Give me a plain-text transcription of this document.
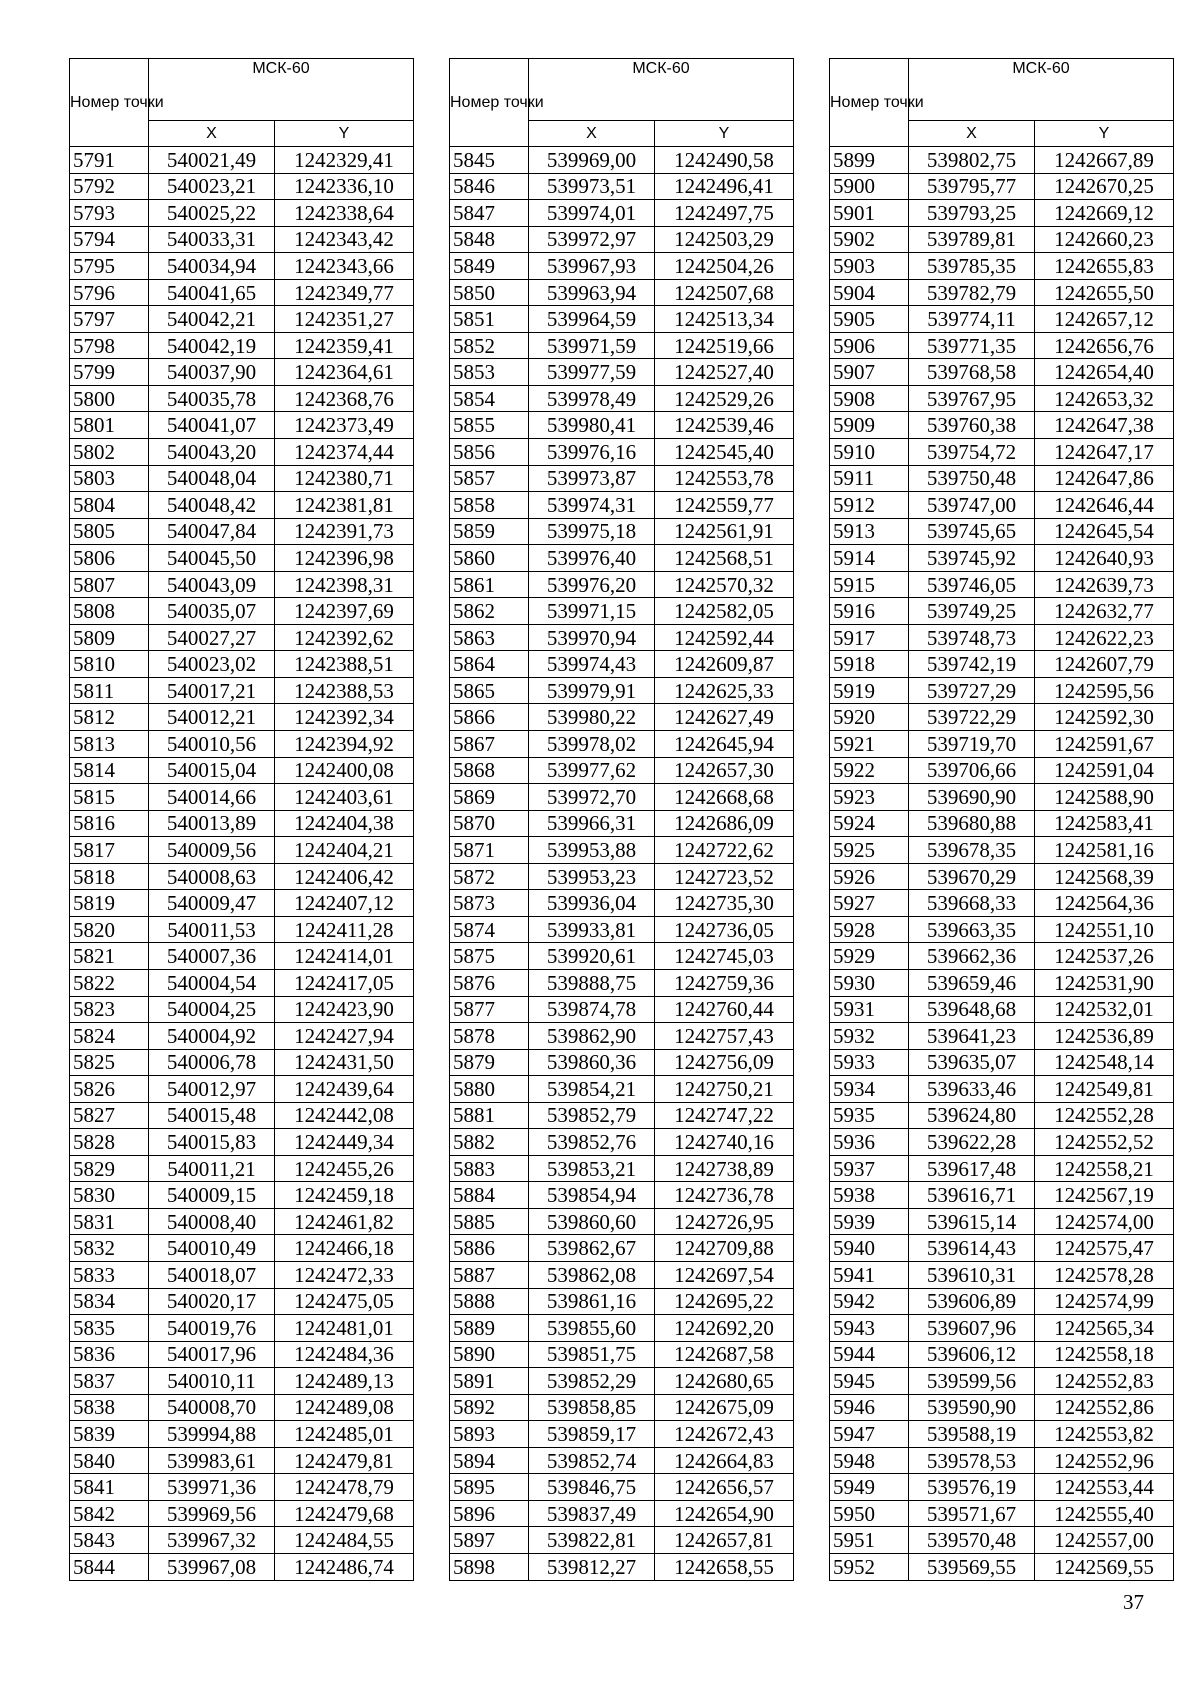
Номер точки	МСК-60	
	X	Y
5791	540021,49	1242329,41
5792	540023,21	1242336,10
5793	540025,22	1242338,64
5794	540033,31	1242343,42
5795	540034,94	1242343,66
5796	540041,65	1242349,77
5797	540042,21	1242351,27
5798	540042,19	1242359,41
5799	540037,90	1242364,61
5800	540035,78	1242368,76
5801	540041,07	1242373,49
5802	540043,20	1242374,44
5803	540048,04	1242380,71
5804	540048,42	1242381,81
5805	540047,84	1242391,73
5806	540045,50	1242396,98
5807	540043,09	1242398,31
5808	540035,07	1242397,69
5809	540027,27	1242392,62
5810	540023,02	1242388,51
5811	540017,21	1242388,53
5812	540012,21	1242392,34
5813	540010,56	1242394,92
5814	540015,04	1242400,08
5815	540014,66	1242403,61
5816	540013,89	1242404,38
5817	540009,56	1242404,21
5818	540008,63	1242406,42
5819	540009,47	1242407,12
5820	540011,53	1242411,28
5821	540007,36	1242414,01
5822	540004,54	1242417,05
5823	540004,25	1242423,90
5824	540004,92	1242427,94
5825	540006,78	1242431,50
5826	540012,97	1242439,64
5827	540015,48	1242442,08
5828	540015,83	1242449,34
5829	540011,21	1242455,26
5830	540009,15	1242459,18
5831	540008,40	1242461,82
5832	540010,49	1242466,18
5833	540018,07	1242472,33
5834	540020,17	1242475,05
5835	540019,76	1242481,01
5836	540017,96	1242484,36
5837	540010,11	1242489,13
5838	540008,70	1242489,08
5839	539994,88	1242485,01
5840	539983,61	1242479,81
5841	539971,36	1242478,79
5842	539969,56	1242479,68
5843	539967,32	1242484,55
5844	539967,08	1242486,74
Номер точки	МСК-60	
	X	Y
5845	539969,00	1242490,58
5846	539973,51	1242496,41
5847	539974,01	1242497,75
5848	539972,97	1242503,29
5849	539967,93	1242504,26
5850	539963,94	1242507,68
5851	539964,59	1242513,34
5852	539971,59	1242519,66
5853	539977,59	1242527,40
5854	539978,49	1242529,26
5855	539980,41	1242539,46
5856	539976,16	1242545,40
5857	539973,87	1242553,78
5858	539974,31	1242559,77
5859	539975,18	1242561,91
5860	539976,40	1242568,51
5861	539976,20	1242570,32
5862	539971,15	1242582,05
5863	539970,94	1242592,44
5864	539974,43	1242609,87
5865	539979,91	1242625,33
5866	539980,22	1242627,49
5867	539978,02	1242645,94
5868	539977,62	1242657,30
5869	539972,70	1242668,68
5870	539966,31	1242686,09
5871	539953,88	1242722,62
5872	539953,23	1242723,52
5873	539936,04	1242735,30
5874	539933,81	1242736,05
5875	539920,61	1242745,03
5876	539888,75	1242759,36
5877	539874,78	1242760,44
5878	539862,90	1242757,43
5879	539860,36	1242756,09
5880	539854,21	1242750,21
5881	539852,79	1242747,22
5882	539852,76	1242740,16
5883	539853,21	1242738,89
5884	539854,94	1242736,78
5885	539860,60	1242726,95
5886	539862,67	1242709,88
5887	539862,08	1242697,54
5888	539861,16	1242695,22
5889	539855,60	1242692,20
5890	539851,75	1242687,58
5891	539852,29	1242680,65
5892	539858,85	1242675,09
5893	539859,17	1242672,43
5894	539852,74	1242664,83
5895	539846,75	1242656,57
5896	539837,49	1242654,90
5897	539822,81	1242657,81
5898	539812,27	1242658,55
Номер точки	МСК-60	
	X	Y
5899	539802,75	1242667,89
5900	539795,77	1242670,25
5901	539793,25	1242669,12
5902	539789,81	1242660,23
5903	539785,35	1242655,83
5904	539782,79	1242655,50
5905	539774,11	1242657,12
5906	539771,35	1242656,76
5907	539768,58	1242654,40
5908	539767,95	1242653,32
5909	539760,38	1242647,38
5910	539754,72	1242647,17
5911	539750,48	1242647,86
5912	539747,00	1242646,44
5913	539745,65	1242645,54
5914	539745,92	1242640,93
5915	539746,05	1242639,73
5916	539749,25	1242632,77
5917	539748,73	1242622,23
5918	539742,19	1242607,79
5919	539727,29	1242595,56
5920	539722,29	1242592,30
5921	539719,70	1242591,67
5922	539706,66	1242591,04
5923	539690,90	1242588,90
5924	539680,88	1242583,41
5925	539678,35	1242581,16
5926	539670,29	1242568,39
5927	539668,33	1242564,36
5928	539663,35	1242551,10
5929	539662,36	1242537,26
5930	539659,46	1242531,90
5931	539648,68	1242532,01
5932	539641,23	1242536,89
5933	539635,07	1242548,14
5934	539633,46	1242549,81
5935	539624,80	1242552,28
5936	539622,28	1242552,52
5937	539617,48	1242558,21
5938	539616,71	1242567,19
5939	539615,14	1242574,00
5940	539614,43	1242575,47
5941	539610,31	1242578,28
5942	539606,89	1242574,99
5943	539607,96	1242565,34
5944	539606,12	1242558,18
5945	539599,56	1242552,83
5946	539590,90	1242552,86
5947	539588,19	1242553,82
5948	539578,53	1242552,96
5949	539576,19	1242553,44
5950	539571,67	1242555,40
5951	539570,48	1242557,00
5952	539569,55	1242569,55
37
